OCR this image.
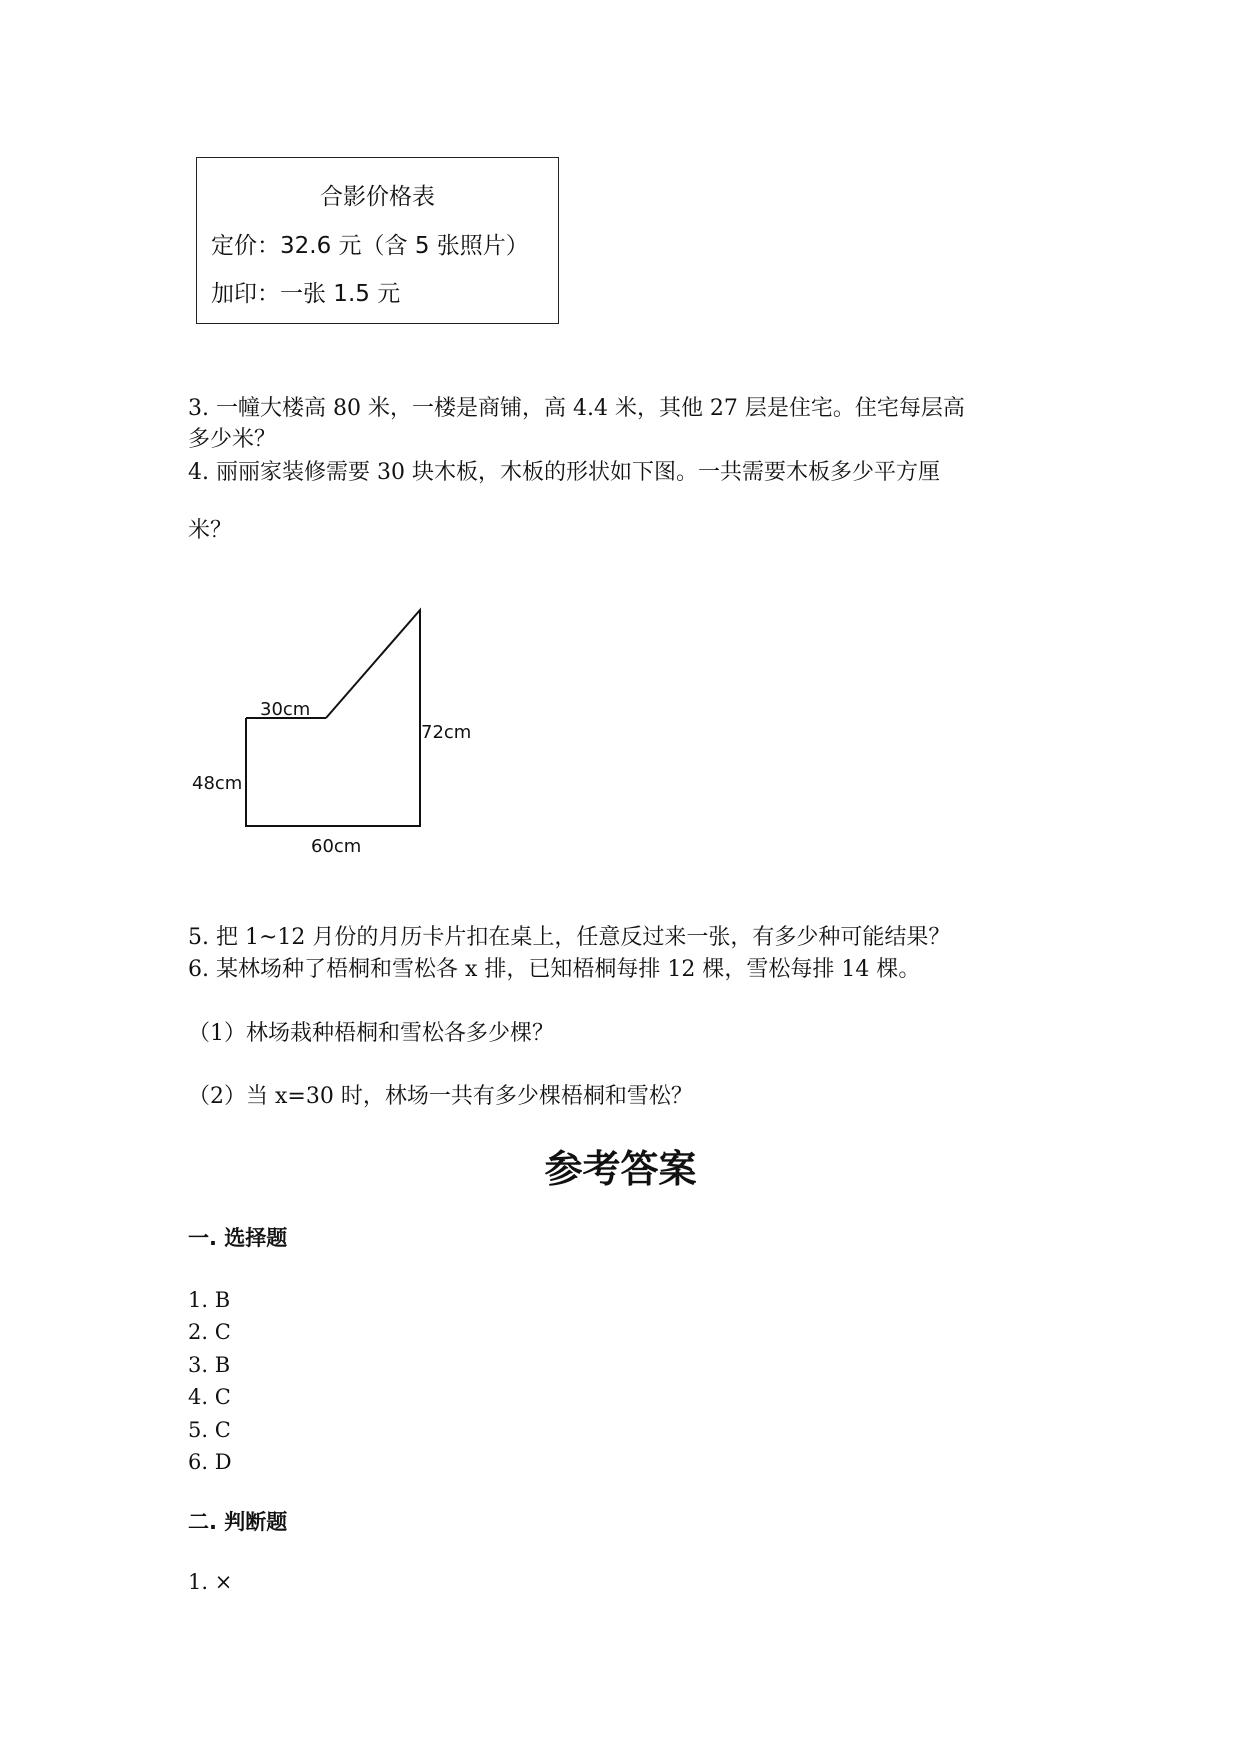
合影价格表
定价：32.6 元（含 5 张照片）
加印：一张 1.5 元
3. 一幢大楼高 80 米，一楼是商铺，高 4.4 米，其他 27 层是住宅。住宅每层高
多少米？
4. 丽丽家装修需要 30 块木板，木板的形状如下图。一共需要木板多少平方厘
米？
30cm
72cm
48cm
60cm
5. 把 1~12 月份的月历卡片扣在桌上，任意反过来一张，有多少种可能结果？
6. 某林场种了梧桐和雪松各 x 排，已知梧桐每排 12 棵，雪松每排 14 棵。
（1）林场栽种梧桐和雪松各多少棵？
（2）当 x=30 时，林场一共有多少棵梧桐和雪松？
参考答案
一. 选择题
1. B
2. C
3. B
4. C
5. C
6. D
二. 判断题
1. ×
